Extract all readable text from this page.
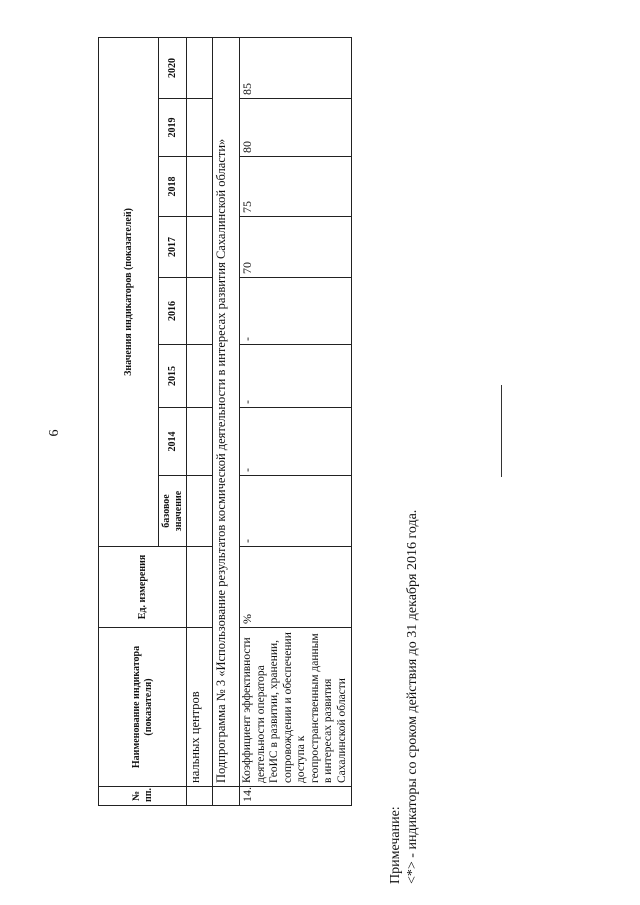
6
№ пп.	Наименование индикатора (показателя)	Ед. измерения	Значения индикаторов (показателей)							
			базовое значение	2014	2015	2016	2017	2018	2019	2020
	нальных центров									
	Подпрограмма № 3 «Использование результатов космической деятельности в интересах развития Сахалинской области»									
14.	Коэффициент эффективности деятельности оператора ГеоИС в развитии, хранении, сопровождении и обеспечении доступа к геопространственным данным в интересах развития Сахалинской области	%	-	-	-	-	70	75	80	85
Примечание: <*> - индикаторы со сроком действия до 31 декабря 2016 года.
